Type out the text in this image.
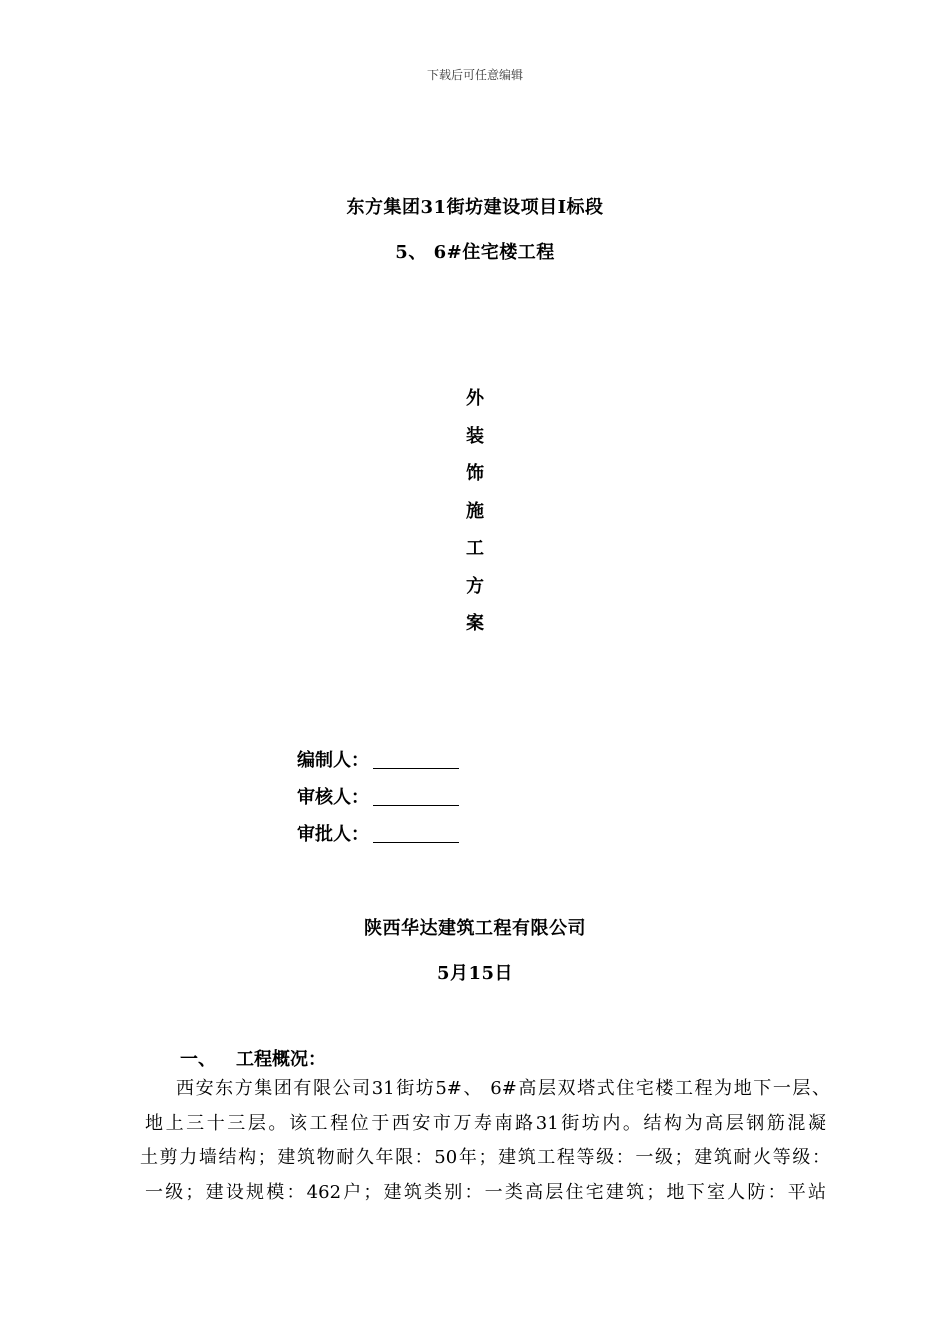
下载后可任意编辑
东方集团31街坊建设项目Ⅰ标段
5、 6#住宅楼工程
外
装
饰
施
工
方
案
编制人：
审核人：
审批人：
陕西华达建筑工程有限公司
5月15日
一、 工程概况：
西安东方集团有限公司31街坊5#、 6#高层双塔式住宅楼工程为地下一层、
地上三十三层。该工程位于西安市万寿南路31街坊内。结构为高层钢筋混凝
土剪力墙结构；建筑物耐久年限：50年；建筑工程等级：一级；建筑耐火等级：
一级；建设规模：462户；建筑类别：一类高层住宅建筑；地下室人防：平站
